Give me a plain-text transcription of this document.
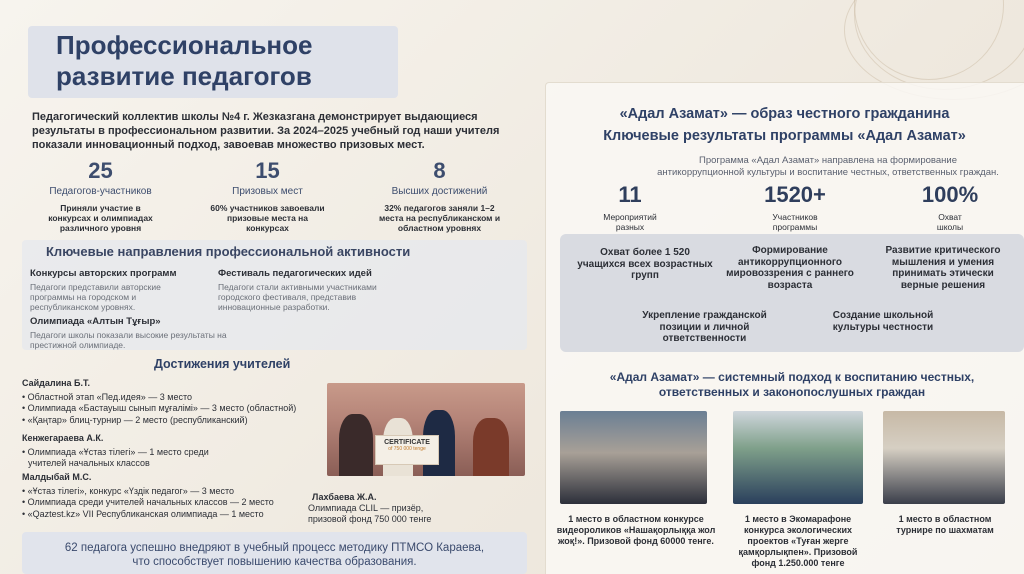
Профессиональное развитие педагогов
Педагогический коллектив школы №4 г. Жезказгана демонстрирует выдающиеся результаты в профессиональном развитии. За 2024–2025 учебный год наши учителя показали инновационный подход, завоевав множество призовых мест.
25
Педагогов-участников
Приняли участие в конкурсах и олимпиадах различного уровня
15
Призовых мест
60% участников завоевали призовые места на конкурсах
8
Высших достижений
32% педагогов заняли 1–2 места на республиканском и областном уровнях
Ключевые направления профессиональной активности
Конкурсы авторских программ
Педагоги представили авторские программы на городском и республиканском уровнях.
Фестиваль педагогических идей
Педагоги стали активными участниками городского фестиваля, представив инновационные разработки.
Олимпиада «Алтын Тұғыр»
Педагоги школы показали высокие результаты на престижной олимпиаде.
Достижения учителей
Сайдалина Б.Т.
• Областной этап «Пед.идея» — 3 место
• Олимпиада «Бастауыш сынып мұғалімі» — 3 место (областной)
• «Қаңтар» блиц-турнир — 2 место (республиканский)
Кенжегараева А.К.
• Олимпиада «Ұстаз тілегі» — 1 место среди
учителей начальных классов
Малдыбай М.С.
• «Ұстаз тілегі», конкурс «Үздік педагог» — 3 место
• Олимпиада среди учителей начальных классов — 2 место
• «Qaztest.kz» VII Республиканская олимпиада — 1 место
CERTIFICATE
of 750 000 tenge
Лахбаева Ж.А.
Олимпиада CLIL — призёр,
призовой фонд 750 000 тенге
62 педагога успешно внедряют в учебный процесс методику ПТМСО Караева, что способствует повышению качества образования.
«Адал Азамат» — образ честного гражданина
Ключевые результаты программы «Адал Азамат»
Программа «Адал Азамат» направлена на формирование
антикоррупционной культуры и воспитание честных, ответственных граждан.
11
Мероприятий разных
1520+
Участников программы
100%
Охват школы
Охват более 1 520 учащихся всех возрастных групп
Формирование антикоррупционного мировоззрения с раннего возраста
Развитие критического мышления и умения принимать этически верные решения
Укрепление гражданской позиции и личной ответственности
Создание школьной культуры честности
«Адал Азамат» — системный подход к воспитанию честных, ответственных и законопослушных граждан
1 место в областном конкурсе видеороликов «Нашақорлыққа жол жоқ!». Призовой фонд 60000 тенге.
1 место в Экомарафоне конкурса экологических проектов «Туған жерге қамқорлықпен». Призовой фонд 1.250.000 тенге
1 место в областном турнире по шахматам
